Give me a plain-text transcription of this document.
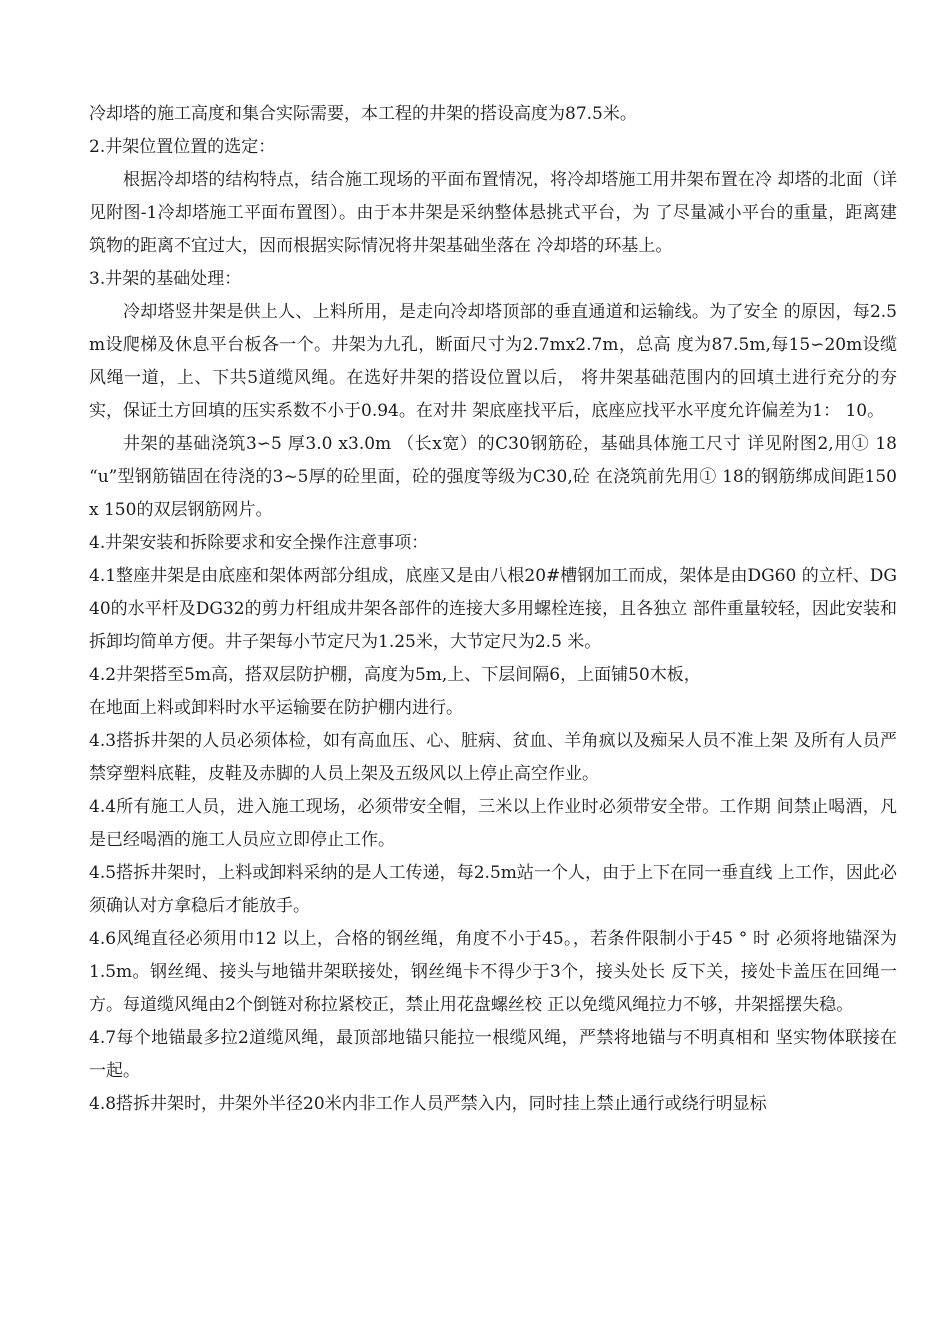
冷却塔的施工高度和集合实际需要，本工程的井架的搭设高度为87.5米。

2.井架位置位置的选定：

根据冷却塔的结构特点，结合施工现场的平面布置情况，将冷却塔施工用井架布置在冷 却塔的北面（详见附图-1冷却塔施工平面布置图）。由于本井架是采纳整体悬挑式平台，为 了尽量减小平台的重量，距离建筑物的距离不宜过大，因而根据实际情况将井架基础坐落在 冷却塔的环基上。

3.井架的基础处理：

冷却塔竖井架是供上人、上料所用，是走向冷却塔顶部的垂直通道和运输线。为了安全 的原因，每2.5m设爬梯及休息平台板各一个。井架为九孔，断面尺寸为2.7mx2.7m，总高 度为87.5m,每15∽20m设缆风绳一道，上、下共5道缆风绳。在选好井架的搭设位置以后， 将井架基础范围内的回填土进行充分的夯实，保证土方回填的压实系数不小于0.94。在对井 架底座找平后，底座应找平水平度允许偏差为1： 10。

井架的基础浇筑3∽5 厚3.0 x3.0m （长x宽）的C30钢筋砼，基础具体施工尺寸 详见附图2,用① 18 “u”型钢筋锚固在待浇的3~5厚的砼里面，砼的强度等级为C30,砼 在浇筑前先用① 18的钢筋绑成间距150 x 150的双层钢筋网片。

4.井架安装和拆除要求和安全操作注意事项：

4.1整座井架是由底座和架体两部分组成，底座又是由八根20#槽钢加工而成，架体是由DG60 的立杆、DG40的水平杆及DG32的剪力杆组成井架各部件的连接大多用螺栓连接，且各独立 部件重量较轻，因此安装和拆卸均简单方便。井子架每小节定尺为1.25米，大节定尺为2.5 米。

4.2井架搭至5m高，搭双层防护棚，高度为5m,上、下层间隔6，上面铺50木板，

在地面上料或卸料时水平运输要在防护棚内进行。

4.3搭拆井架的人员必须体检，如有高血压、心、脏病、贫血、羊角疯以及痴呆人员不准上架 及所有人员严禁穿塑料底鞋，皮鞋及赤脚的人员上架及五级风以上停止高空作业。

4.4所有施工人员，进入施工现场，必须带安全帽，三米以上作业时必须带安全带。工作期 间禁止喝酒，凡是已经喝酒的施工人员应立即停止工作。

4.5搭拆井架时，上料或卸料采纳的是人工传递，每2.5m站一个人，由于上下在同一垂直线 上工作，因此必须确认对方拿稳后才能放手。

4.6风绳直径必须用巾12 以上，合格的钢丝绳，角度不小于45。，若条件限制小于45 ° 时 必须将地锚深为1.5m。钢丝绳、接头与地锚井架联接处，钢丝绳卡不得少于3个，接头处长 反下关，接处卡盖压在回绳一方。每道缆风绳由2个倒链对称拉紧校正，禁止用花盘螺丝校 正以免缆风绳拉力不够，井架摇摆失稳。

4.7每个地锚最多拉2道缆风绳，最顶部地锚只能拉一根缆风绳，严禁将地锚与不明真相和 坚实物体联接在一起。

4.8搭拆井架时，井架外半径20米内非工作人员严禁入内，同时挂上禁止通行或绕行明显标
